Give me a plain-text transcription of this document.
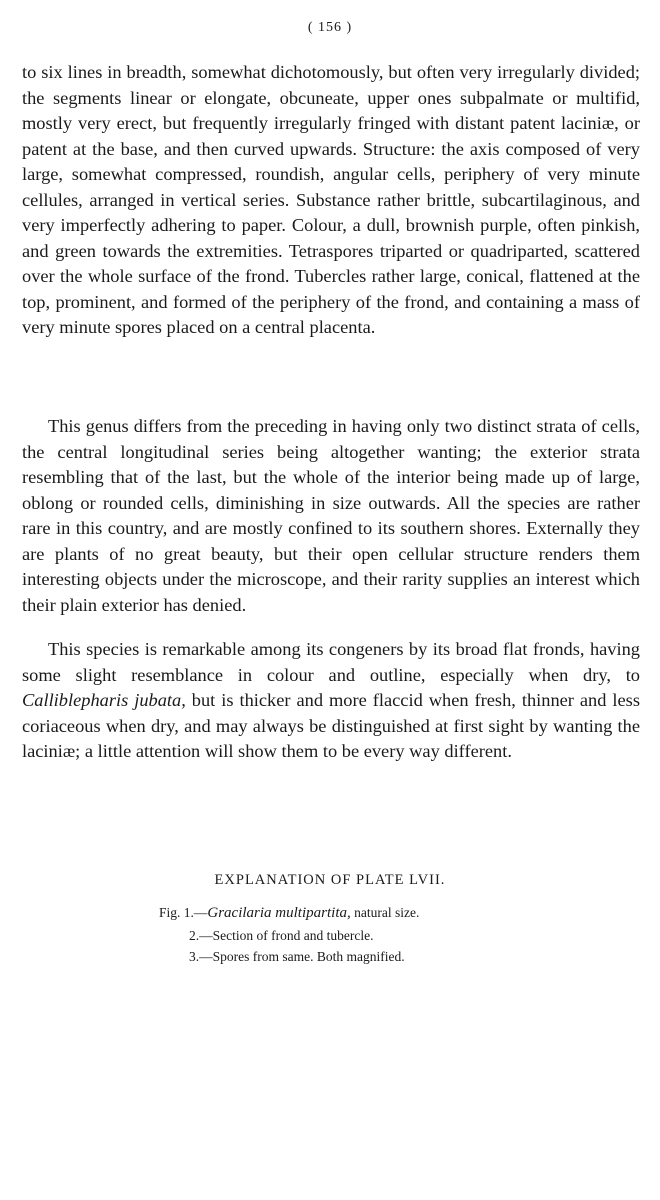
( 156 )

to six lines in breadth, somewhat dichotomously, but often very irregularly divided; the segments linear or elongate, obcuneate, upper ones subpalmate or multifid, mostly very erect, but frequently irregularly fringed with distant patent laciniæ, or patent at the base, and then curved upwards. Structure: the axis composed of very large, somewhat compressed, roundish, angular cells, periphery of very minute cellules, arranged in vertical series. Substance rather brittle, subcartilaginous, and very imperfectly adhering to paper. Colour, a dull, brownish purple, often pinkish, and green towards the extremities. Tetraspores triparted or quadriparted, scattered over the whole surface of the frond. Tubercles rather large, conical, flattened at the top, prominent, and formed of the periphery of the frond, and containing a mass of very minute spores placed on a central placenta.

This genus differs from the preceding in having only two distinct strata of cells, the central longitudinal series being altogether wanting; the exterior strata resembling that of the last, but the whole of the interior being made up of large, oblong or rounded cells, diminishing in size outwards. All the species are rather rare in this country, and are mostly confined to its southern shores. Externally they are plants of no great beauty, but their open cellular structure renders them interesting objects under the microscope, and their rarity supplies an interest which their plain exterior has denied.

This species is remarkable among its congeners by its broad flat fronds, having some slight resemblance in colour and outline, especially when dry, to Calliblepharis jubata, but is thicker and more flaccid when fresh, thinner and less coriaceous when dry, and may always be distinguished at first sight by wanting the laciniæ; a little attention will show them to be every way different.

EXPLANATION OF PLATE LVII.
Fig. 1.—Gracilaria multipartita, natural size.
2.—Section of frond and tubercle.
3.—Spores from same. Both magnified.
